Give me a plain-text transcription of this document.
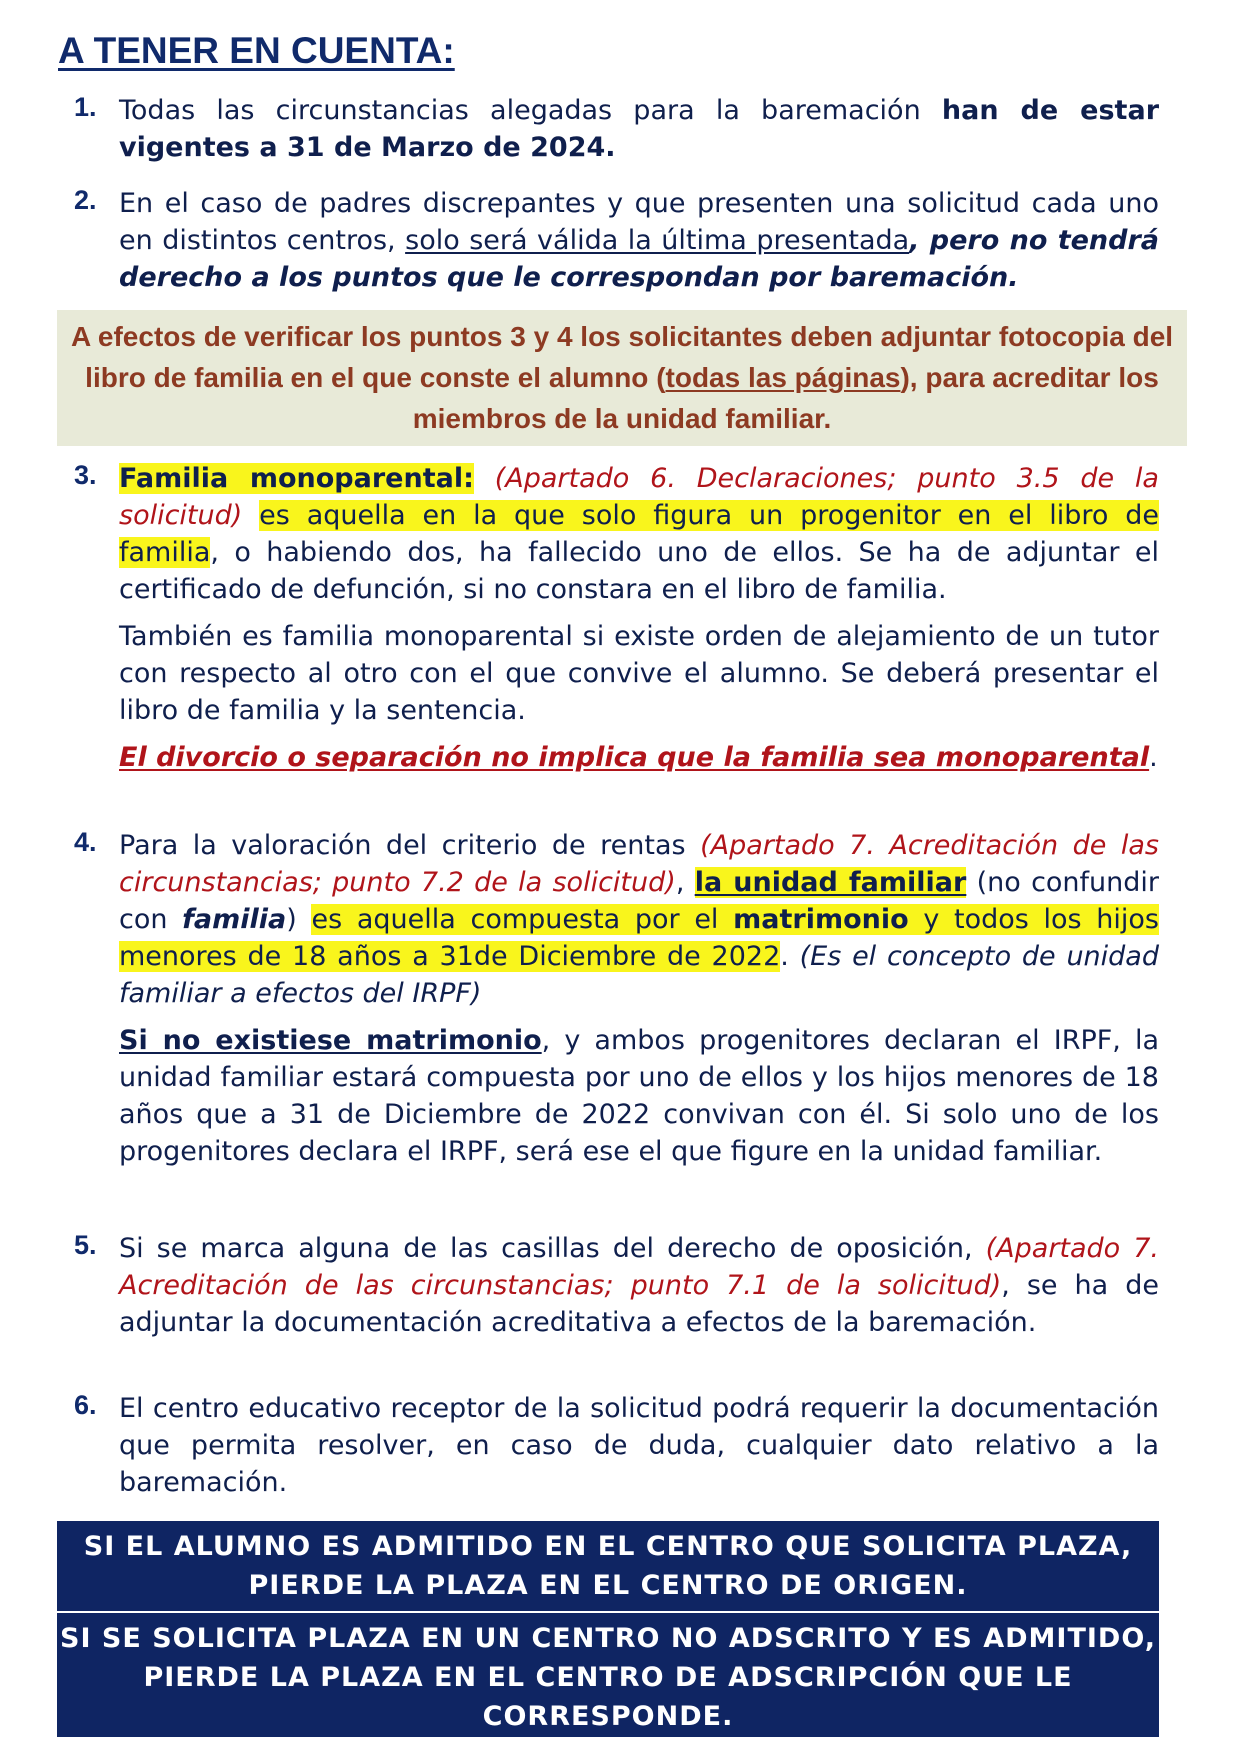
A TENER EN CUENTA:
1. Todas las circunstancias alegadas para la baremación han de estar vigentes a 31 de Marzo de 2024.

2. En el caso de padres discrepantes y que presenten una solicitud cada uno en distintos centros, solo será válida la última presentada, pero no tendrá derecho a los puntos que le correspondan por baremación.

A efectos de verificar los puntos 3 y 4 los solicitantes deben adjuntar fotocopia del libro de familia en el que conste el alumno (todas las páginas), para acreditar los miembros de la unidad familiar.
3. Familia monoparental: (Apartado 6. Declaraciones; punto 3.5 de la solicitud) es aquella en la que solo figura un progenitor en el libro de familia, o habiendo dos, ha fallecido uno de ellos. Se ha de adjuntar el certificado de defunción, si no constara en el libro de familia.

También es familia monoparental si existe orden de alejamiento de un tutor con respecto al otro con el que convive el alumno. Se deberá presentar el libro de familia y la sentencia.

El divorcio o separación no implica que la familia sea monoparental.

4. Para la valoración del criterio de rentas (Apartado 7. Acreditación de las circunstancias; punto 7.2 de la solicitud), la unidad familiar (no confundir con familia) es aquella compuesta por el matrimonio y todos los hijos menores de 18 años a 31de Diciembre de 2022. (Es el concepto de unidad familiar a efectos del IRPF)

Si no existiese matrimonio, y ambos progenitores declaran el IRPF, la unidad familiar estará compuesta por uno de ellos y los hijos menores de 18 años que a 31 de Diciembre de 2022 convivan con él. Si solo uno de los progenitores declara el IRPF, será ese el que figure en la unidad familiar.

5. Si se marca alguna de las casillas del derecho de oposición, (Apartado 7. Acreditación de las circunstancias; punto 7.1 de la solicitud), se ha de adjuntar la documentación acreditativa a efectos de la baremación.

6. El centro educativo receptor de la solicitud podrá requerir la documentación que permita resolver, en caso de duda, cualquier dato relativo a la baremación.

SI EL ALUMNO ES ADMITIDO EN EL CENTRO QUE SOLICITA PLAZA, PIERDE LA PLAZA EN EL CENTRO DE ORIGEN.

SI SE SOLICITA PLAZA EN UN CENTRO NO ADSCRITO Y ES ADMITIDO, PIERDE LA PLAZA EN EL CENTRO DE ADSCRIPCIÓN QUE LE CORRESPONDE.
